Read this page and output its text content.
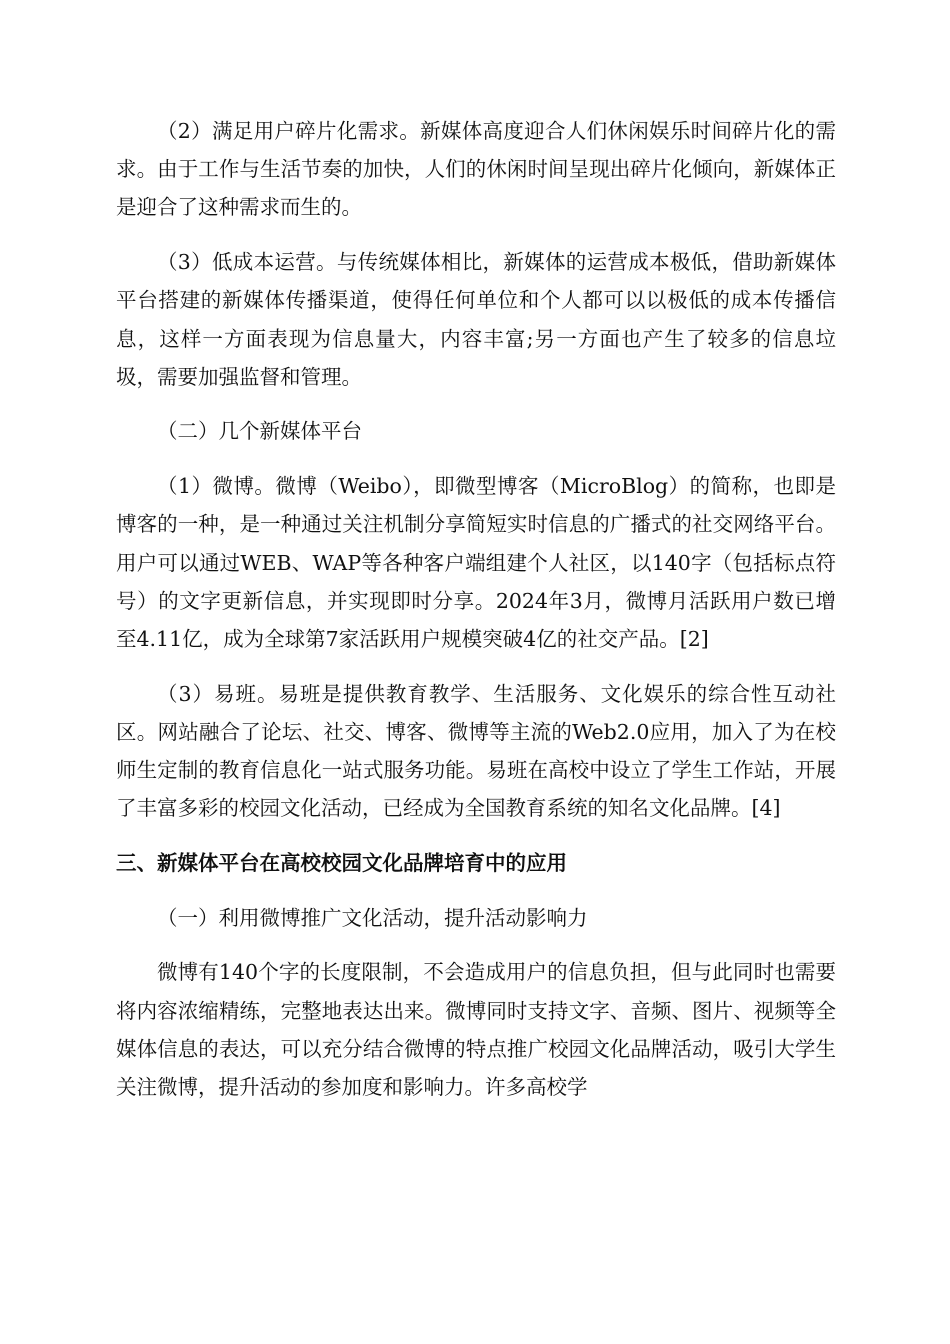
（2）满足用户碎片化需求。新媒体高度迎合人们休闲娱乐时间碎片化的需求。由于工作与生活节奏的加快，人们的休闲时间呈现出碎片化倾向，新媒体正是迎合了这种需求而生的。

（3）低成本运营。与传统媒体相比，新媒体的运营成本极低，借助新媒体平台搭建的新媒体传播渠道，使得任何单位和个人都可以以极低的成本传播信息，这样一方面表现为信息量大，内容丰富;另一方面也产生了较多的信息垃圾，需要加强监督和管理。

（二）几个新媒体平台

（1）微博。微博（Weibo），即微型博客（MicroBlog）的简称，也即是博客的一种，是一种通过关注机制分享简短实时信息的广播式的社交网络平台。用户可以通过WEB、WAP等各种客户端组建个人社区，以140字（包括标点符号）的文字更新信息，并实现即时分享。2024年3月，微博月活跃用户数已增至4.11亿，成为全球第7家活跃用户规模突破4亿的社交产品。[2]

（3）易班。易班是提供教育教学、生活服务、文化娱乐的综合性互动社区。网站融合了论坛、社交、博客、微博等主流的Web2.0应用，加入了为在校师生定制的教育信息化一站式服务功能。易班在高校中设立了学生工作站，开展了丰富多彩的校园文化活动，已经成为全国教育系统的知名文化品牌。[4]

三、新媒体平台在高校校园文化品牌培育中的应用

（一）利用微博推广文化活动，提升活动影响力

微博有140个字的长度限制，不会造成用户的信息负担，但与此同时也需要将内容浓缩精练，完整地表达出来。微博同时支持文字、音频、图片、视频等全媒体信息的表达，可以充分结合微博的特点推广校园文化品牌活动，吸引大学生关注微博，提升活动的参加度和影响力。许多高校学
